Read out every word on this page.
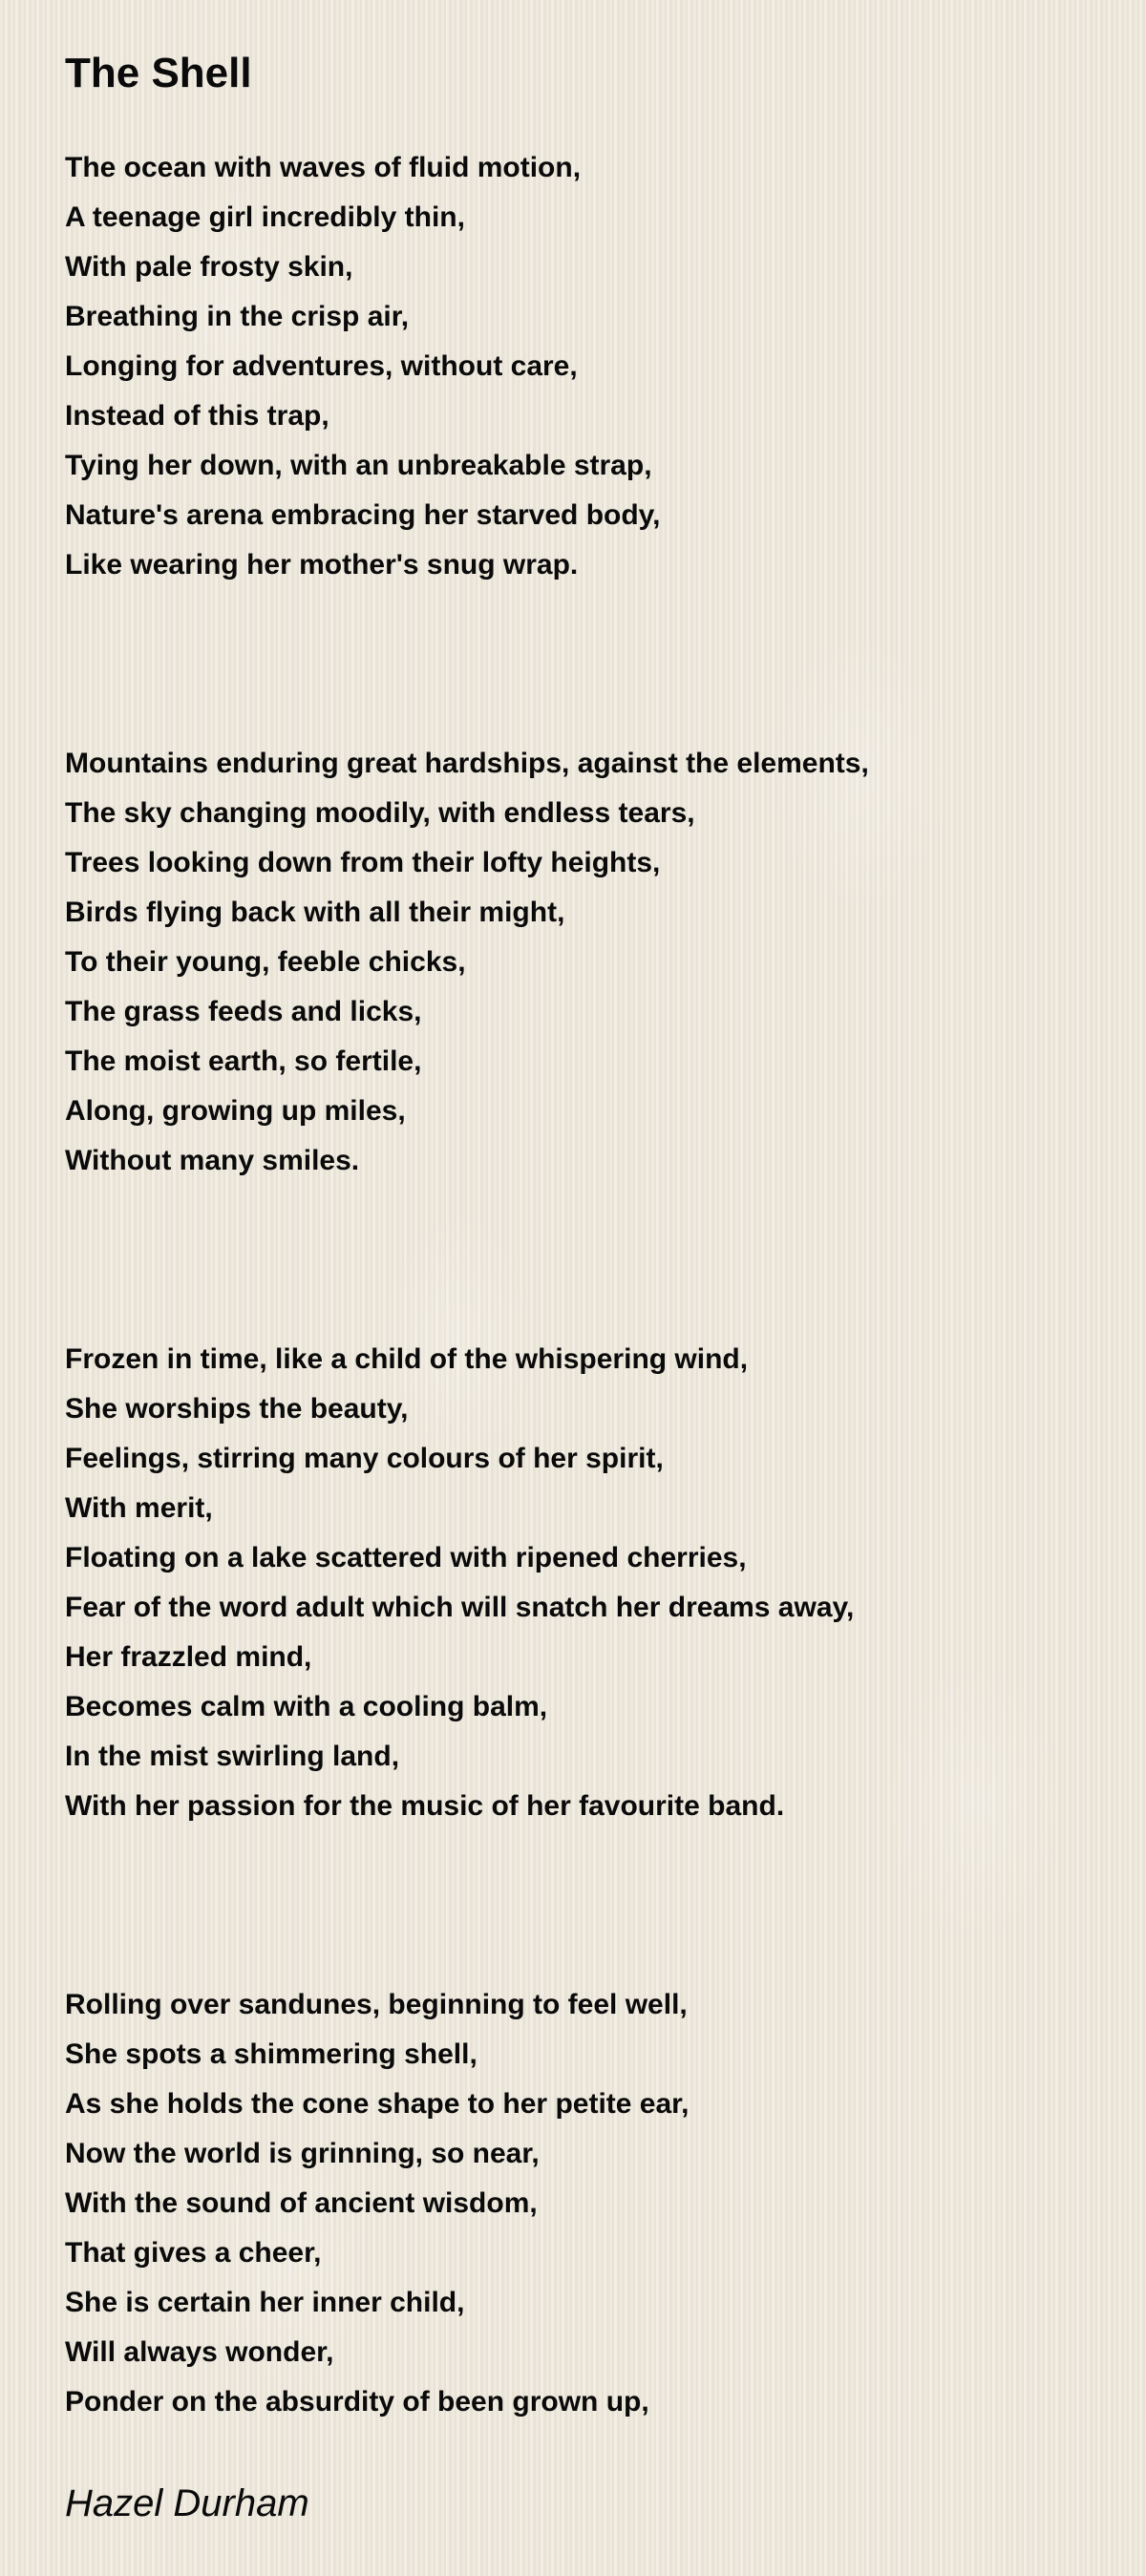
The Shell
The ocean with waves of fluid motion,
A teenage girl incredibly thin,
With pale frosty skin,
Breathing in the crisp air,
Longing for adventures, without care,
Instead of this trap,
Tying her down, with an unbreakable strap,
Nature's arena embracing her starved body,
Like wearing her mother's snug wrap.
Mountains enduring great hardships, against the elements,
The sky changing moodily, with endless tears,
Trees looking down from their lofty heights,
Birds flying back with all their might,
To their young, feeble chicks,
The grass feeds and licks,
The moist earth, so fertile,
Along, growing up miles,
Without many smiles.
Frozen in time, like a child of the whispering wind,
She worships the beauty,
Feelings, stirring many colours of her spirit,
With merit,
Floating on a lake scattered with ripened cherries,
Fear of the word adult which will snatch her dreams away,
Her frazzled mind,
Becomes calm with a cooling balm,
In the mist swirling land,
With her passion for the music of her favourite band.
Rolling over sandunes, beginning to feel well,
She spots a shimmering shell,
As she holds the cone shape to her petite ear,
Now the world is grinning, so near,
With the sound of ancient wisdom,
That gives a cheer,
She is certain her inner child,
Will always wonder,
Ponder on the absurdity of been grown up,
Hazel Durham
